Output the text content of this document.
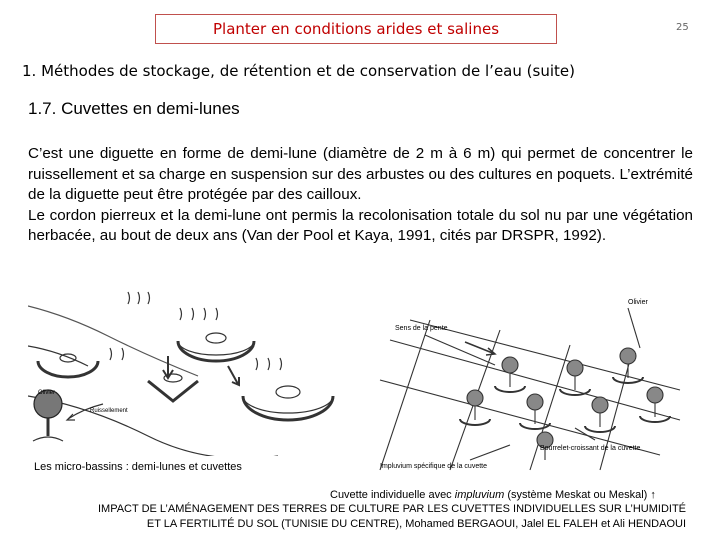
Planter en conditions arides et salines	25
1. Méthodes de stockage, de rétention et de conservation de l’eau (suite)
1.7. Cuvettes en demi-lunes

C’est une diguette en forme de demi-lune (diamètre de 2 m à 6 m) qui permet de concentrer le ruissellement et sa charge en suspension sur des arbustes ou des cultures en poquets. L’extrémité de la diguette peut être protégée par des cailloux.

Le cordon pierreux et la demi-lune ont permis la recolonisation totale du sol nu par une végétation herbacée, au bout de deux ans (Van der Pool et Kaya, 1991, cités par DRSPR, 1992).

Olivier
Ruissellement
Olivier
Sens de la pente
Bourrelet-croissant de la cuvette
Impluvium spécifique de la cuvette
Les micro-bassins : demi-lunes et cuvettes
Cuvette individuelle avec impluvium (système Meskat ou Meskal) ↑

IMPACT DE L’AMÉNAGEMENT DES TERRES DE CULTURE PAR LES CUVETTES INDIVIDUELLES SUR L’HUMIDITÉ

ET LA FERTILITÉ DU SOL (TUNISIE DU CENTRE), Mohamed BERGAOUI, Jalel EL FALEH et Ali HENDAOUI
